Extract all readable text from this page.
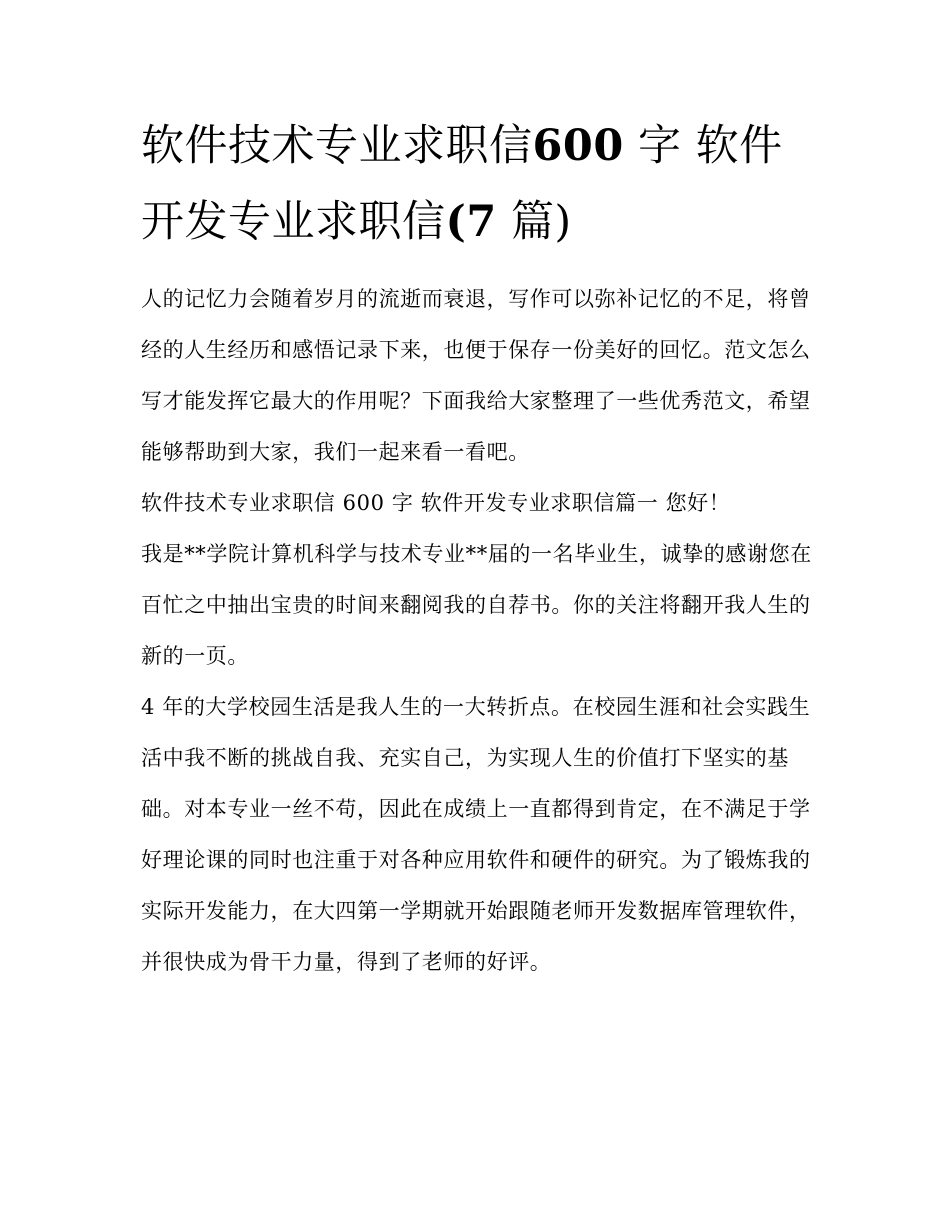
软件技术专业求职信600 字 软件开发专业求职信(7 篇)

人的记忆力会随着岁月的流逝而衰退，写作可以弥补记忆的不足，将曾经的人生经历和感悟记录下来，也便于保存一份美好的回忆。范文怎么写才能发挥它最大的作用呢？下面我给大家整理了一些优秀范文，希望能够帮助到大家，我们一起来看一看吧。

软件技术专业求职信 600 字 软件开发专业求职信篇一 您好！

我是**学院计算机科学与技术专业**届的一名毕业生，诚挚的感谢您在百忙之中抽出宝贵的时间来翻阅我的自荐书。你的关注将翻开我人生的新的一页。

4 年的大学校园生活是我人生的一大转折点。在校园生涯和社会实践生活中我不断的挑战自我、充实自己，为实现人生的价值打下坚实的基础。对本专业一丝不苟，因此在成绩上一直都得到肯定，在不满足于学好理论课的同时也注重于对各种应用软件和硬件的研究。为了锻炼我的实际开发能力，在大四第一学期就开始跟随老师开发数据库管理软件，并很快成为骨干力量，得到了老师的好评。
